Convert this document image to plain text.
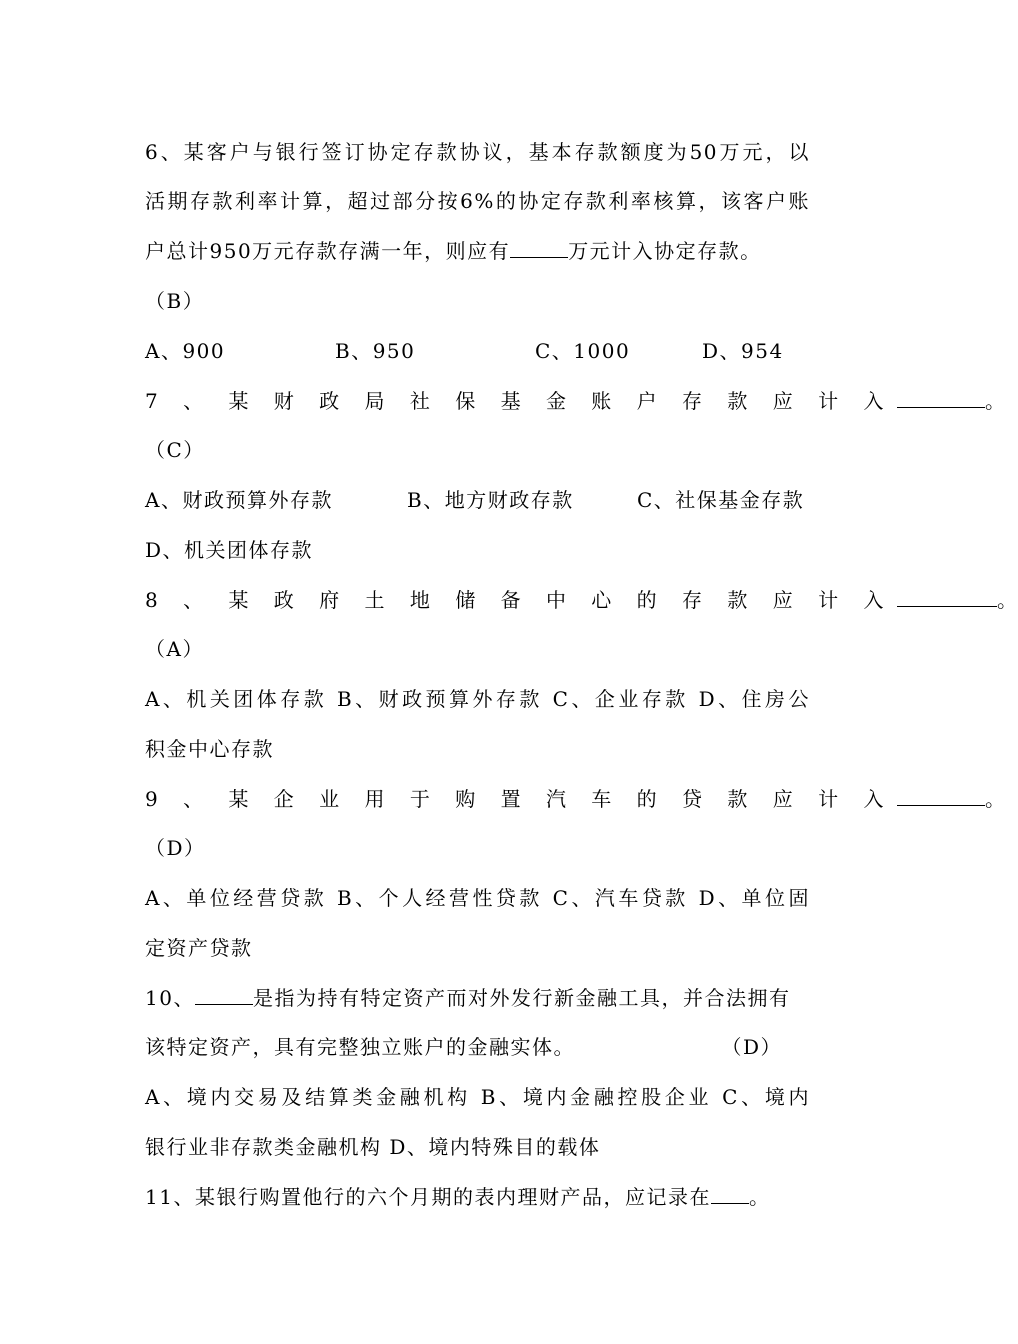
6、某客户与银行签订协定存款协议，基本存款额度为50万元，以
活期存款利率计算，超过部分按6%的协定存款利率核算，该客户账
户总计950万元存款存满一年，则应有	万元计入协定存款。
（B）
A、900	B、950	C、1000	D、954
7 、 某 财 政 局 社 保 基 金 账 户 存 款 应 计 入	。
（C）
A、财政预算外存款	B、地方财政存款	C、社保基金存款
D、机关团体存款
8 、 某 政 府 土 地 储 备 中 心 的 存 款 应 计 入	。
（A）
A、机关团体存款 B、财政预算外存款 C、企业存款 D、住房公
积金中心存款
9 、 某 企 业 用 于 购 置 汽 车 的 贷 款 应 计 入	。
（D）
A、单位经营贷款 B、个人经营性贷款 C、汽车贷款 D、单位固
定资产贷款
10、	是指为持有特定资产而对外发行新金融工具，并合法拥有
该特定资产，具有完整独立账户的金融实体。	（D）
A、境内交易及结算类金融机构 B、境内金融控股企业 C、境内
银行业非存款类金融机构 D、境内特殊目的载体
11、某银行购置他行的六个月期的表内理财产品，应记录在 。
